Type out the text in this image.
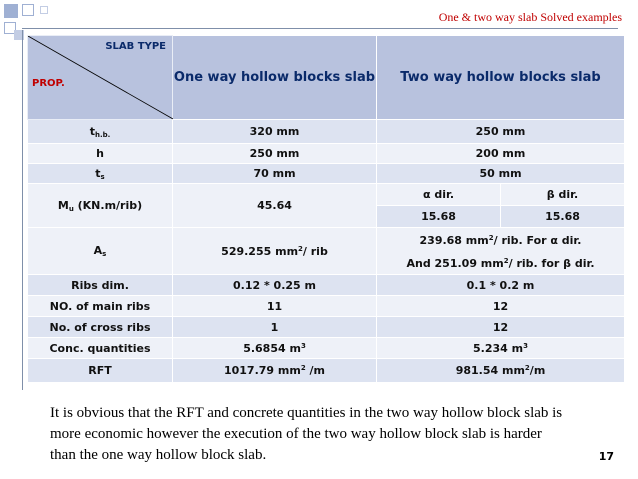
One & two way slab Solved examples
SLAB TYPE
PROP.	One way hollow blocks slab	Two way hollow blocks slab	
$t_{h.b.}$	320 mm	250 mm	
h	250 mm	200 mm	
$t_s$	70 mm	50 mm	
$M_u$ (KN.m/rib)	45.64	α dir.	β dir.
		15.68	15.68
$A_s$	529.255 $mm^2/$ rib	239.68 $mm^2/$ rib. For α dir.
And 251.09 $mm^2/$ rib. for β dir.	

Ribs dim.	0.12 * 0.25 m	0.1 * 0.2 m	
NO. of main ribs	11	12	
No. of cross ribs	1	12	
Conc. quantities	5.6854 $m^3$	5.234 $m^3$
RFT	1017.79 $mm^2$ /m	981.54 $mm^2/m$	
It is obvious that the RFT and concrete quantities in the two way hollow block slab is more economic however the execution of the two way hollow block slab is harder than the one way hollow block slab.	17
